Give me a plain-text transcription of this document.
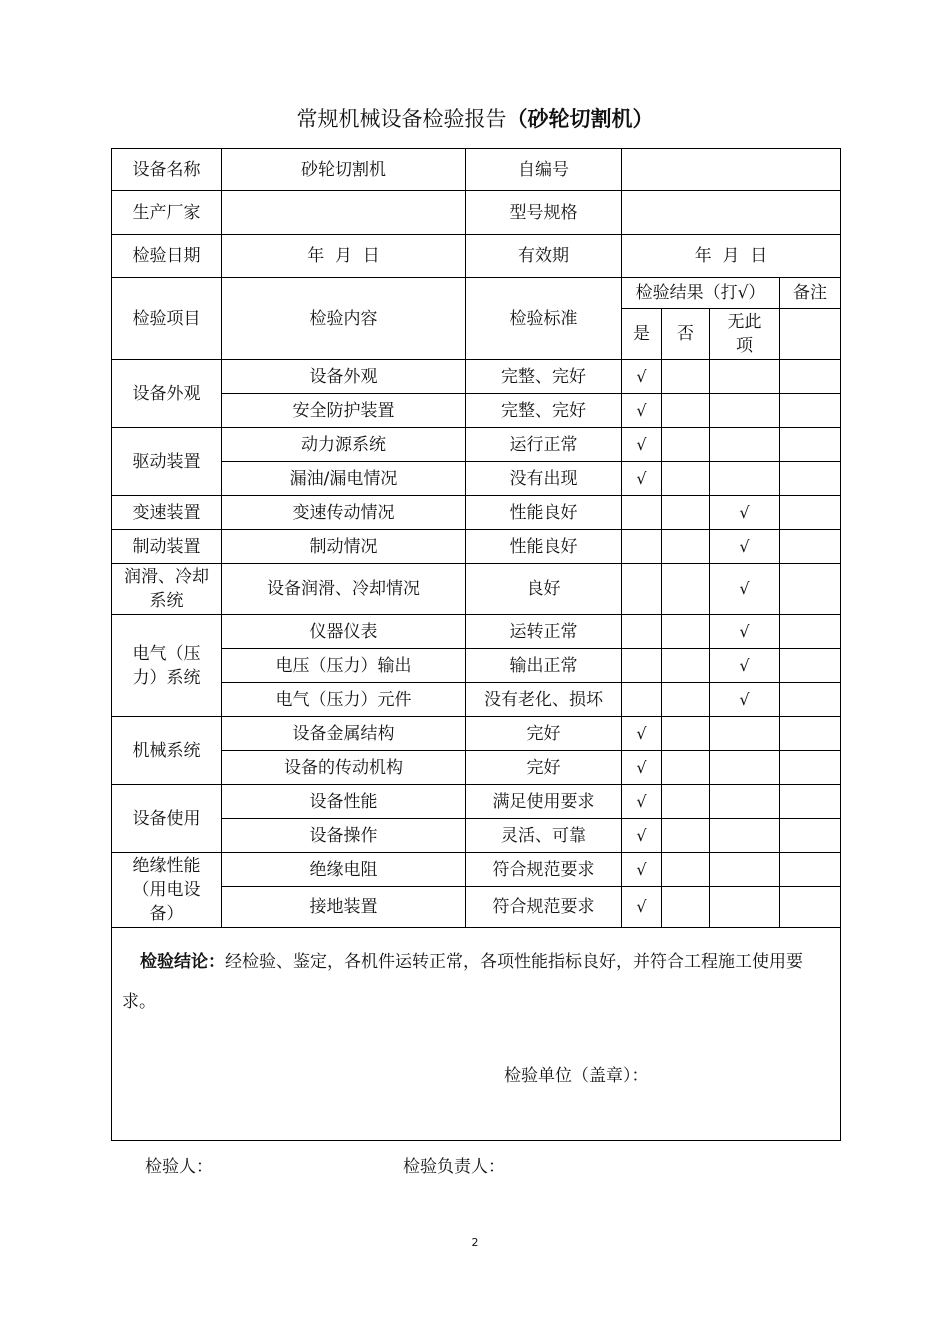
常规机械设备检验报告（砂轮切割机）
设备名称	砂轮切割机	自编号				
生产厂家		型号规格				
检验日期	年  月  日	有效期	年  月  日			
检验项目	检验内容	检验标准	检验结果（打√）			备注
			是	否	无此项	
设备外观	设备外观	完整、完好	√			
	安全防护装置	完整、完好	√			
驱动装置	动力源系统	运行正常	√			
	漏油/漏电情况	没有出现	√			
变速装置	变速传动情况	性能良好			√	
制动装置	制动情况	性能良好			√	
润滑、冷却系统	设备润滑、冷却情况	良好			√	
电气（压力）系统	仪器仪表	运转正常			√	
	电压（压力）输出	输出正常			√	
	电气（压力）元件	没有老化、损坏			√	
机械系统	设备金属结构	完好	√			
	设备的传动机构	完好	√			
设备使用	设备性能	满足使用要求	√			
	设备操作	灵活、可靠	√			
绝缘性能（用电设备）	绝缘电阻	符合规范要求	√			
	接地装置	符合规范要求	√			

检验结论：经检验、鉴定，各机件运转正常，各项性能指标良好，并符合工程施工使用要求。
检验单位（盖章）：						
检验人：	检验负责人：
2
